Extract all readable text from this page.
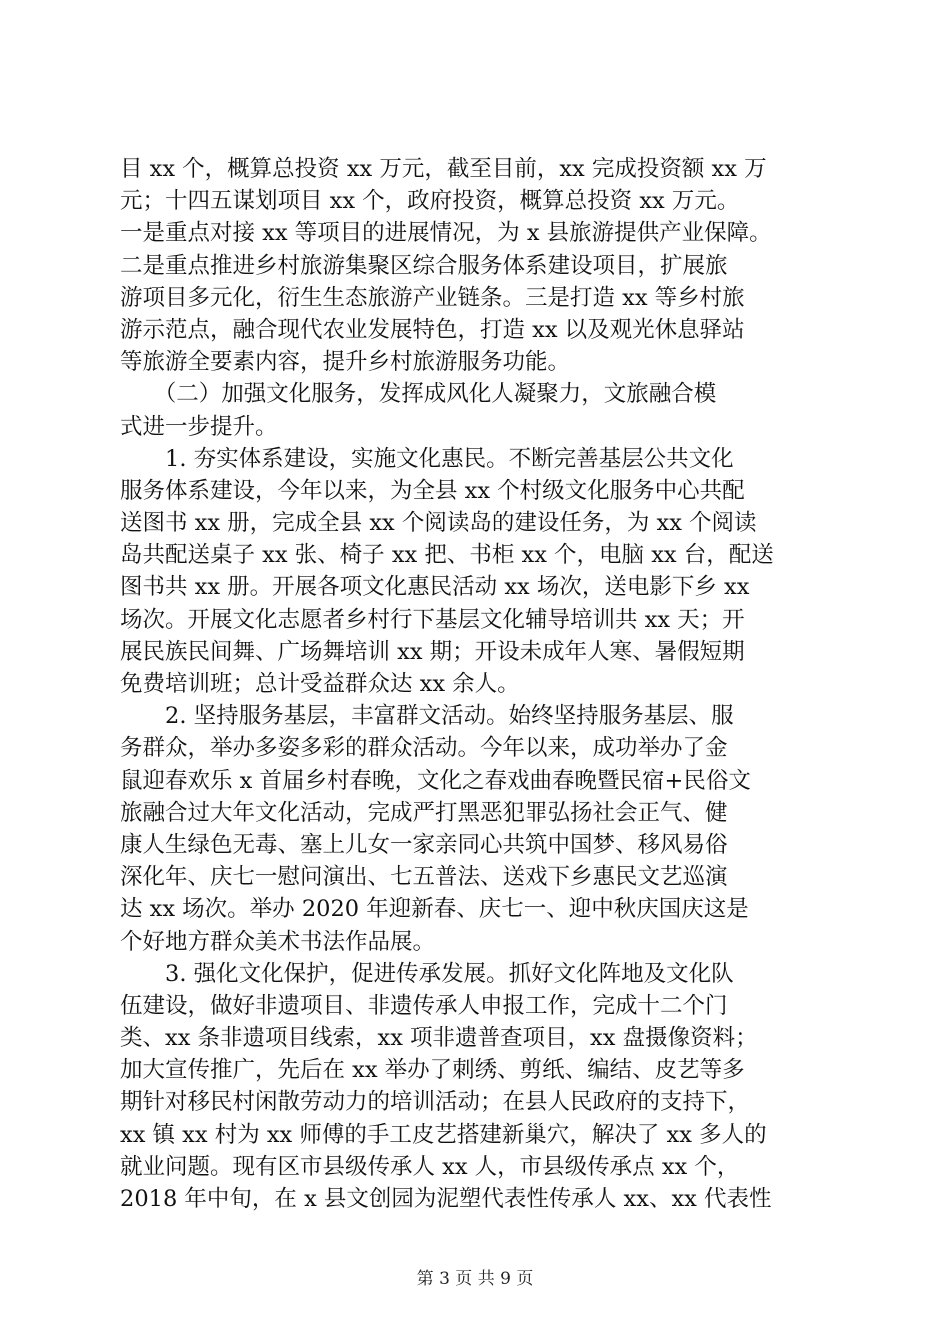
目 xx 个，概算总投资 xx 万元，截至目前，xx 完成投资额 xx 万
元；十四五谋划项目 xx 个，政府投资，概算总投资 xx 万元。
一是重点对接 xx 等项目的进展情况，为 x 县旅游提供产业保障。
二是重点推进乡村旅游集聚区综合服务体系建设项目，扩展旅
游项目多元化，衍生生态旅游产业链条。三是打造 xx 等乡村旅
游示范点，融合现代农业发展特色，打造 xx 以及观光休息驿站
等旅游全要素内容，提升乡村旅游服务功能。
　　（二）加强文化服务，发挥成风化人凝聚力，文旅融合模
式进一步提升。
　　1. 夯实体系建设，实施文化惠民。不断完善基层公共文化
服务体系建设，今年以来，为全县 xx 个村级文化服务中心共配
送图书 xx 册，完成全县 xx 个阅读岛的建设任务，为 xx 个阅读
岛共配送桌子 xx 张、椅子 xx 把、书柜 xx 个，电脑 xx 台，配送
图书共 xx 册。开展各项文化惠民活动 xx 场次，送电影下乡 xx
场次。开展文化志愿者乡村行下基层文化辅导培训共 xx 天；开
展民族民间舞、广场舞培训 xx 期；开设未成年人寒、暑假短期
免费培训班；总计受益群众达 xx 余人。
　　2. 坚持服务基层，丰富群文活动。始终坚持服务基层、服
务群众，举办多姿多彩的群众活动。今年以来，成功举办了金
鼠迎春欢乐 x 首届乡村春晚，文化之春戏曲春晚暨民宿+民俗文
旅融合过大年文化活动，完成严打黑恶犯罪弘扬社会正气、健
康人生绿色无毒、塞上儿女一家亲同心共筑中国梦、移风易俗
深化年、庆七一慰问演出、七五普法、送戏下乡惠民文艺巡演
达 xx 场次。举办 2020 年迎新春、庆七一、迎中秋庆国庆这是
个好地方群众美术书法作品展。
　　3. 强化文化保护，促进传承发展。抓好文化阵地及文化队
伍建设，做好非遗项目、非遗传承人申报工作，完成十二个门
类、xx 条非遗项目线索，xx 项非遗普查项目，xx 盘摄像资料；
加大宣传推广，先后在 xx 举办了刺绣、剪纸、编结、皮艺等多
期针对移民村闲散劳动力的培训活动；在县人民政府的支持下，
xx 镇 xx 村为 xx 师傅的手工皮艺搭建新巢穴，解决了 xx 多人的
就业问题。现有区市县级传承人 xx 人，市县级传承点 xx 个，
2018 年中旬，在 x 县文创园为泥塑代表性传承人 xx、xx 代表性
第 3 页 共 9 页
